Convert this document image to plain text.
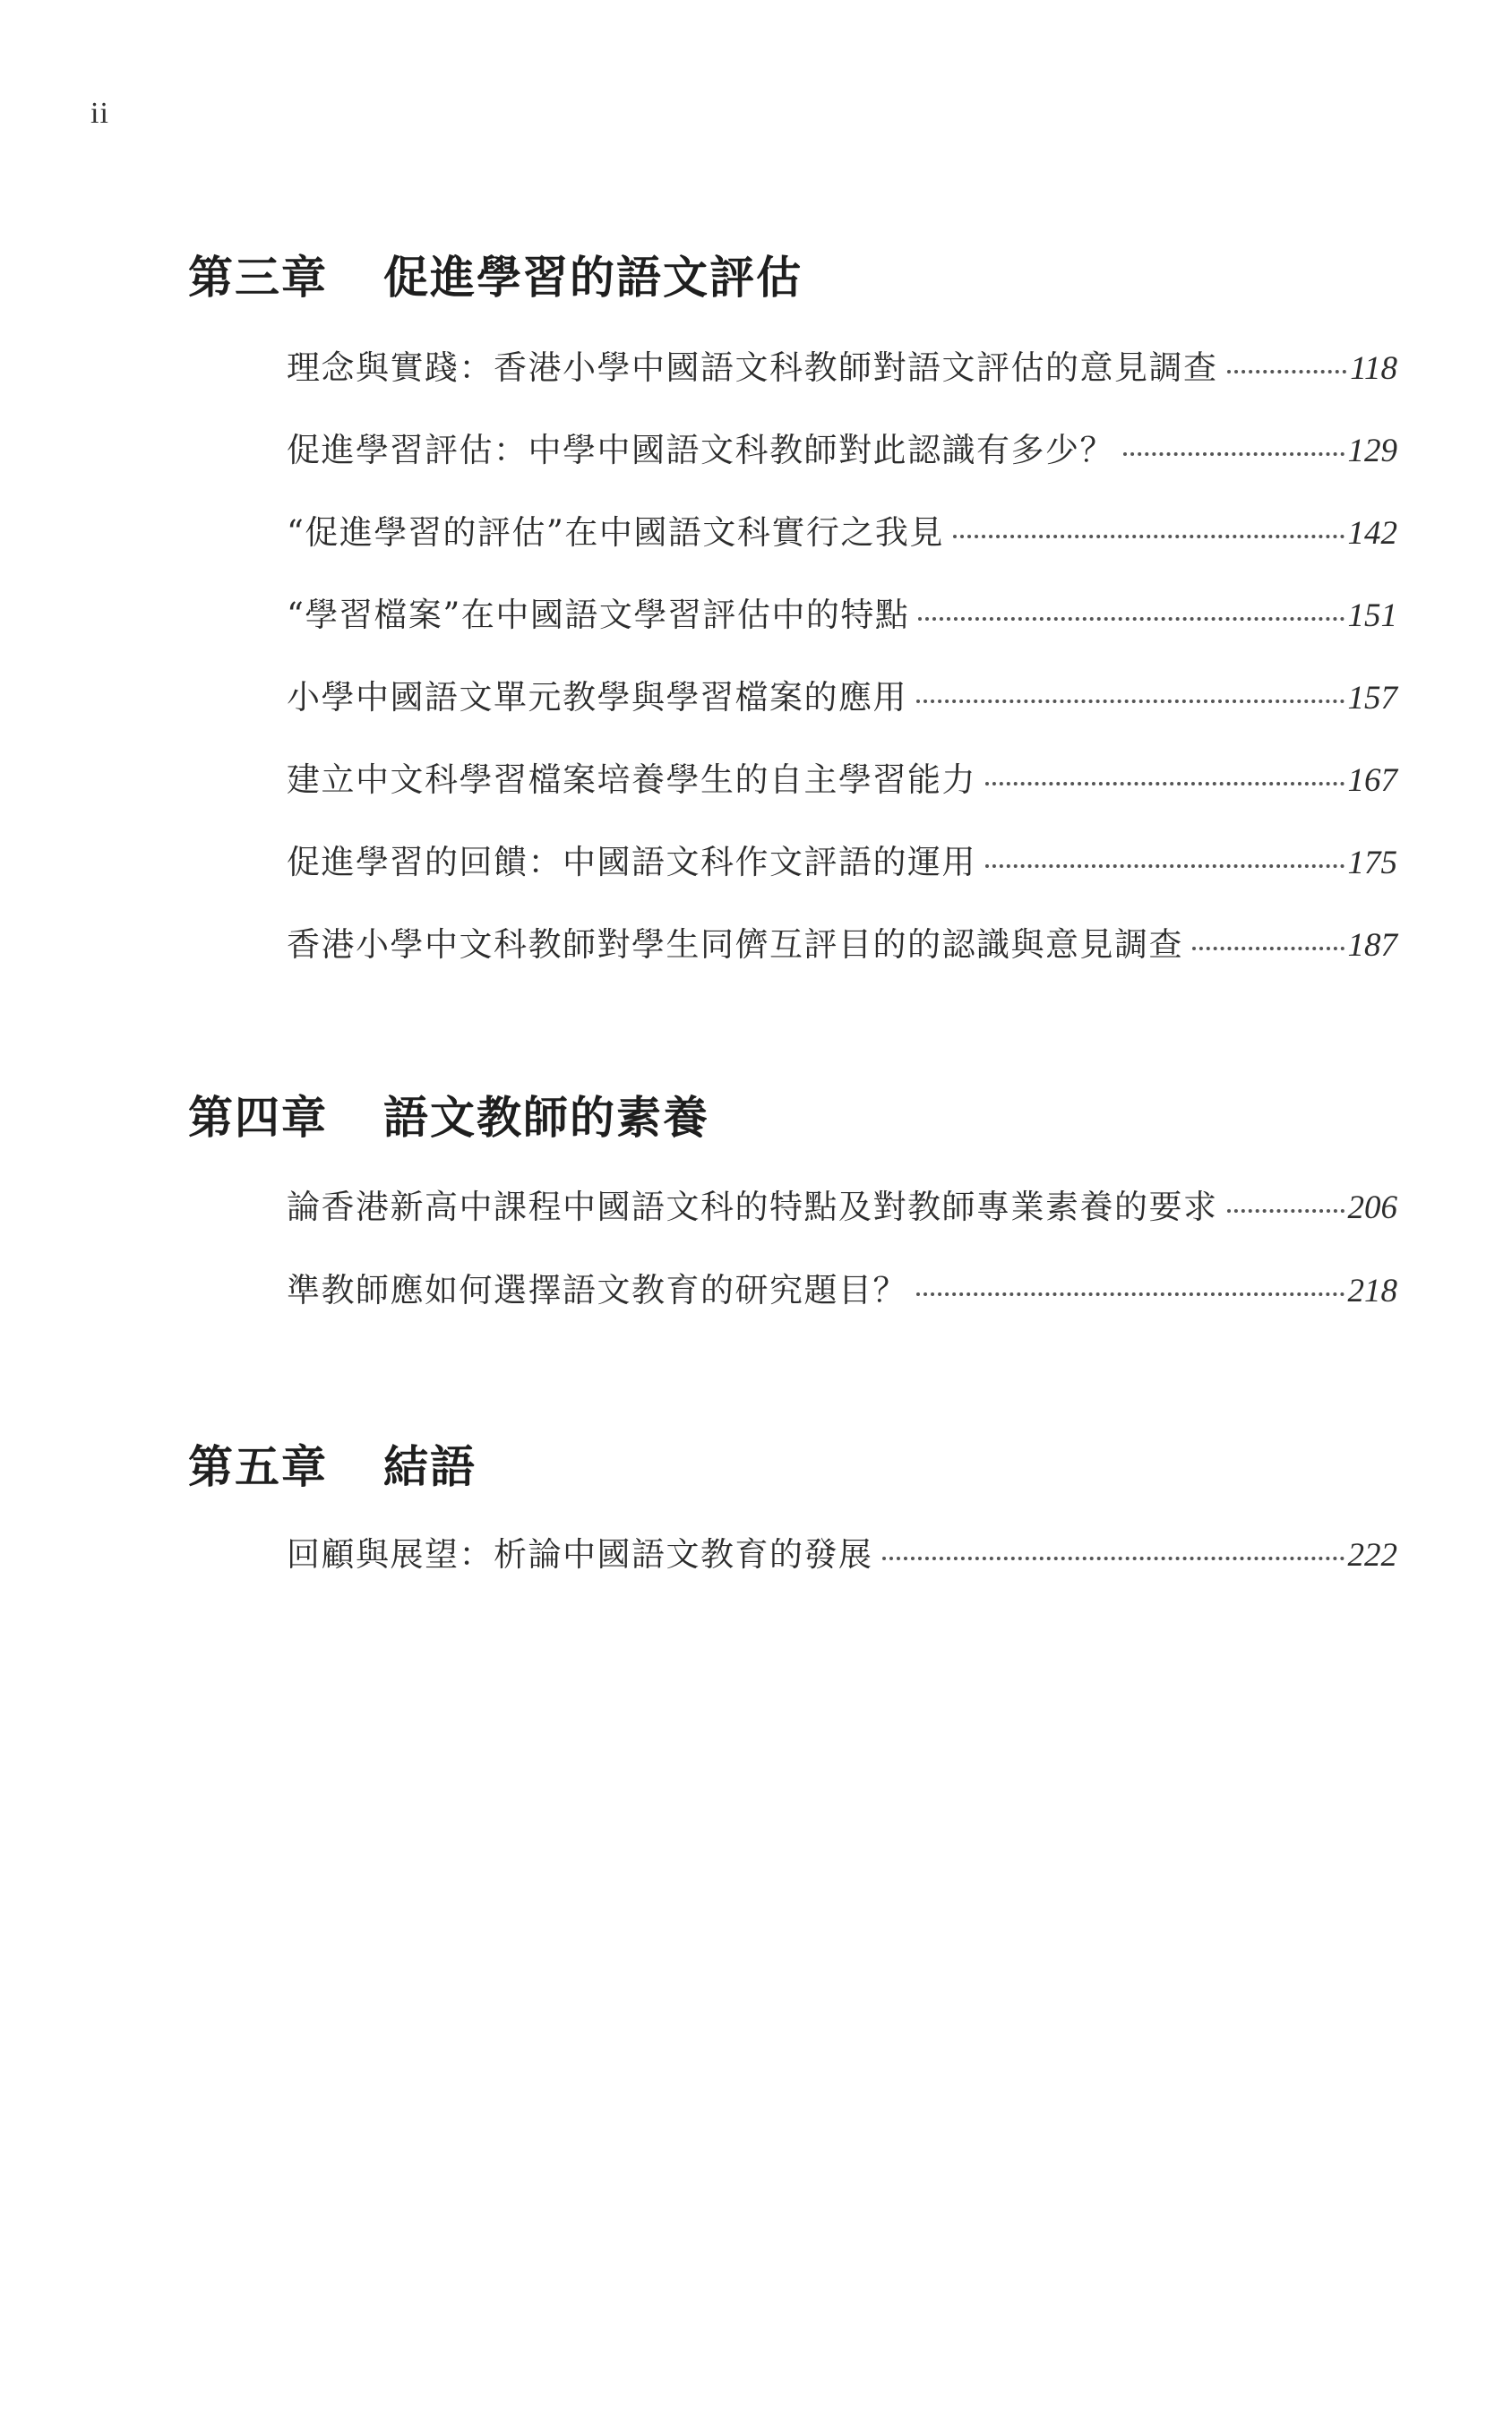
ii
第三章	促進學習的語文評估
理念與實踐：香港小學中國語文科教師對語文評估的意見調查	118
促進學習評估：中學中國語文科教師對此認識有多少？	129
“促進學習的評估”在中國語文科實行之我見	142
“學習檔案”在中國語文學習評估中的特點	151
小學中國語文單元教學與學習檔案的應用	157
建立中文科學習檔案培養學生的自主學習能力	167
促進學習的回饋：中國語文科作文評語的運用	175
香港小學中文科教師對學生同儕互評目的的認識與意見調查	187
第四章	語文教師的素養
論香港新高中課程中國語文科的特點及對教師專業素養的要求	206
準教師應如何選擇語文教育的研究題目？	218
第五章	結語
回顧與展望：析論中國語文教育的發展	222
